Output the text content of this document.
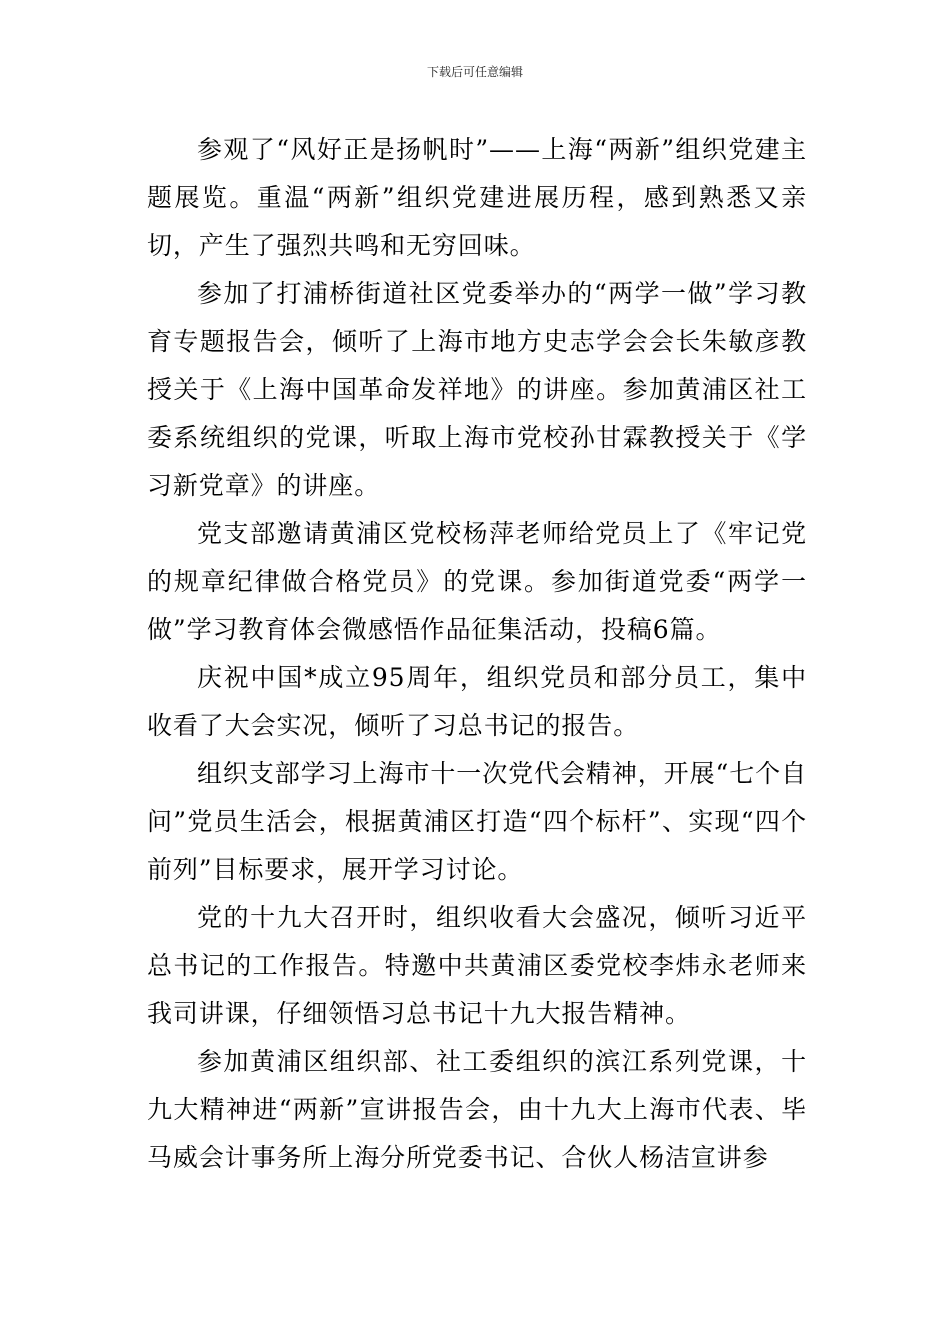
下载后可任意编辑

参观了“风好正是扬帆时”——上海“两新”组织党建主题展览。重温“两新”组织党建进展历程，感到熟悉又亲切，产生了强烈共鸣和无穷回味。

参加了打浦桥街道社区党委举办的“两学一做”学习教育专题报告会，倾听了上海市地方史志学会会长朱敏彦教授关于《上海中国革命发祥地》的讲座。参加黄浦区社工委系统组织的党课，听取上海市党校孙甘霖教授关于《学习新党章》的讲座。

党支部邀请黄浦区党校杨萍老师给党员上了《牢记党的规章纪律做合格党员》的党课。参加街道党委“两学一做”学习教育体会微感悟作品征集活动，投稿6篇。

庆祝中国*成立95周年，组织党员和部分员工，集中收看了大会实况，倾听了习总书记的报告。

组织支部学习上海市十一次党代会精神，开展“七个自问”党员生活会，根据黄浦区打造“四个标杆”、实现“四个前列”目标要求，展开学习讨论。

党的十九大召开时，组织收看大会盛况，倾听习近平总书记的工作报告。特邀中共黄浦区委党校李炜永老师来我司讲课，仔细领悟习总书记十九大报告精神。

参加黄浦区组织部、社工委组织的滨江系列党课，十九大精神进“两新”宣讲报告会，由十九大上海市代表、毕马威会计事务所上海分所党委书记、合伙人杨洁宣讲参
